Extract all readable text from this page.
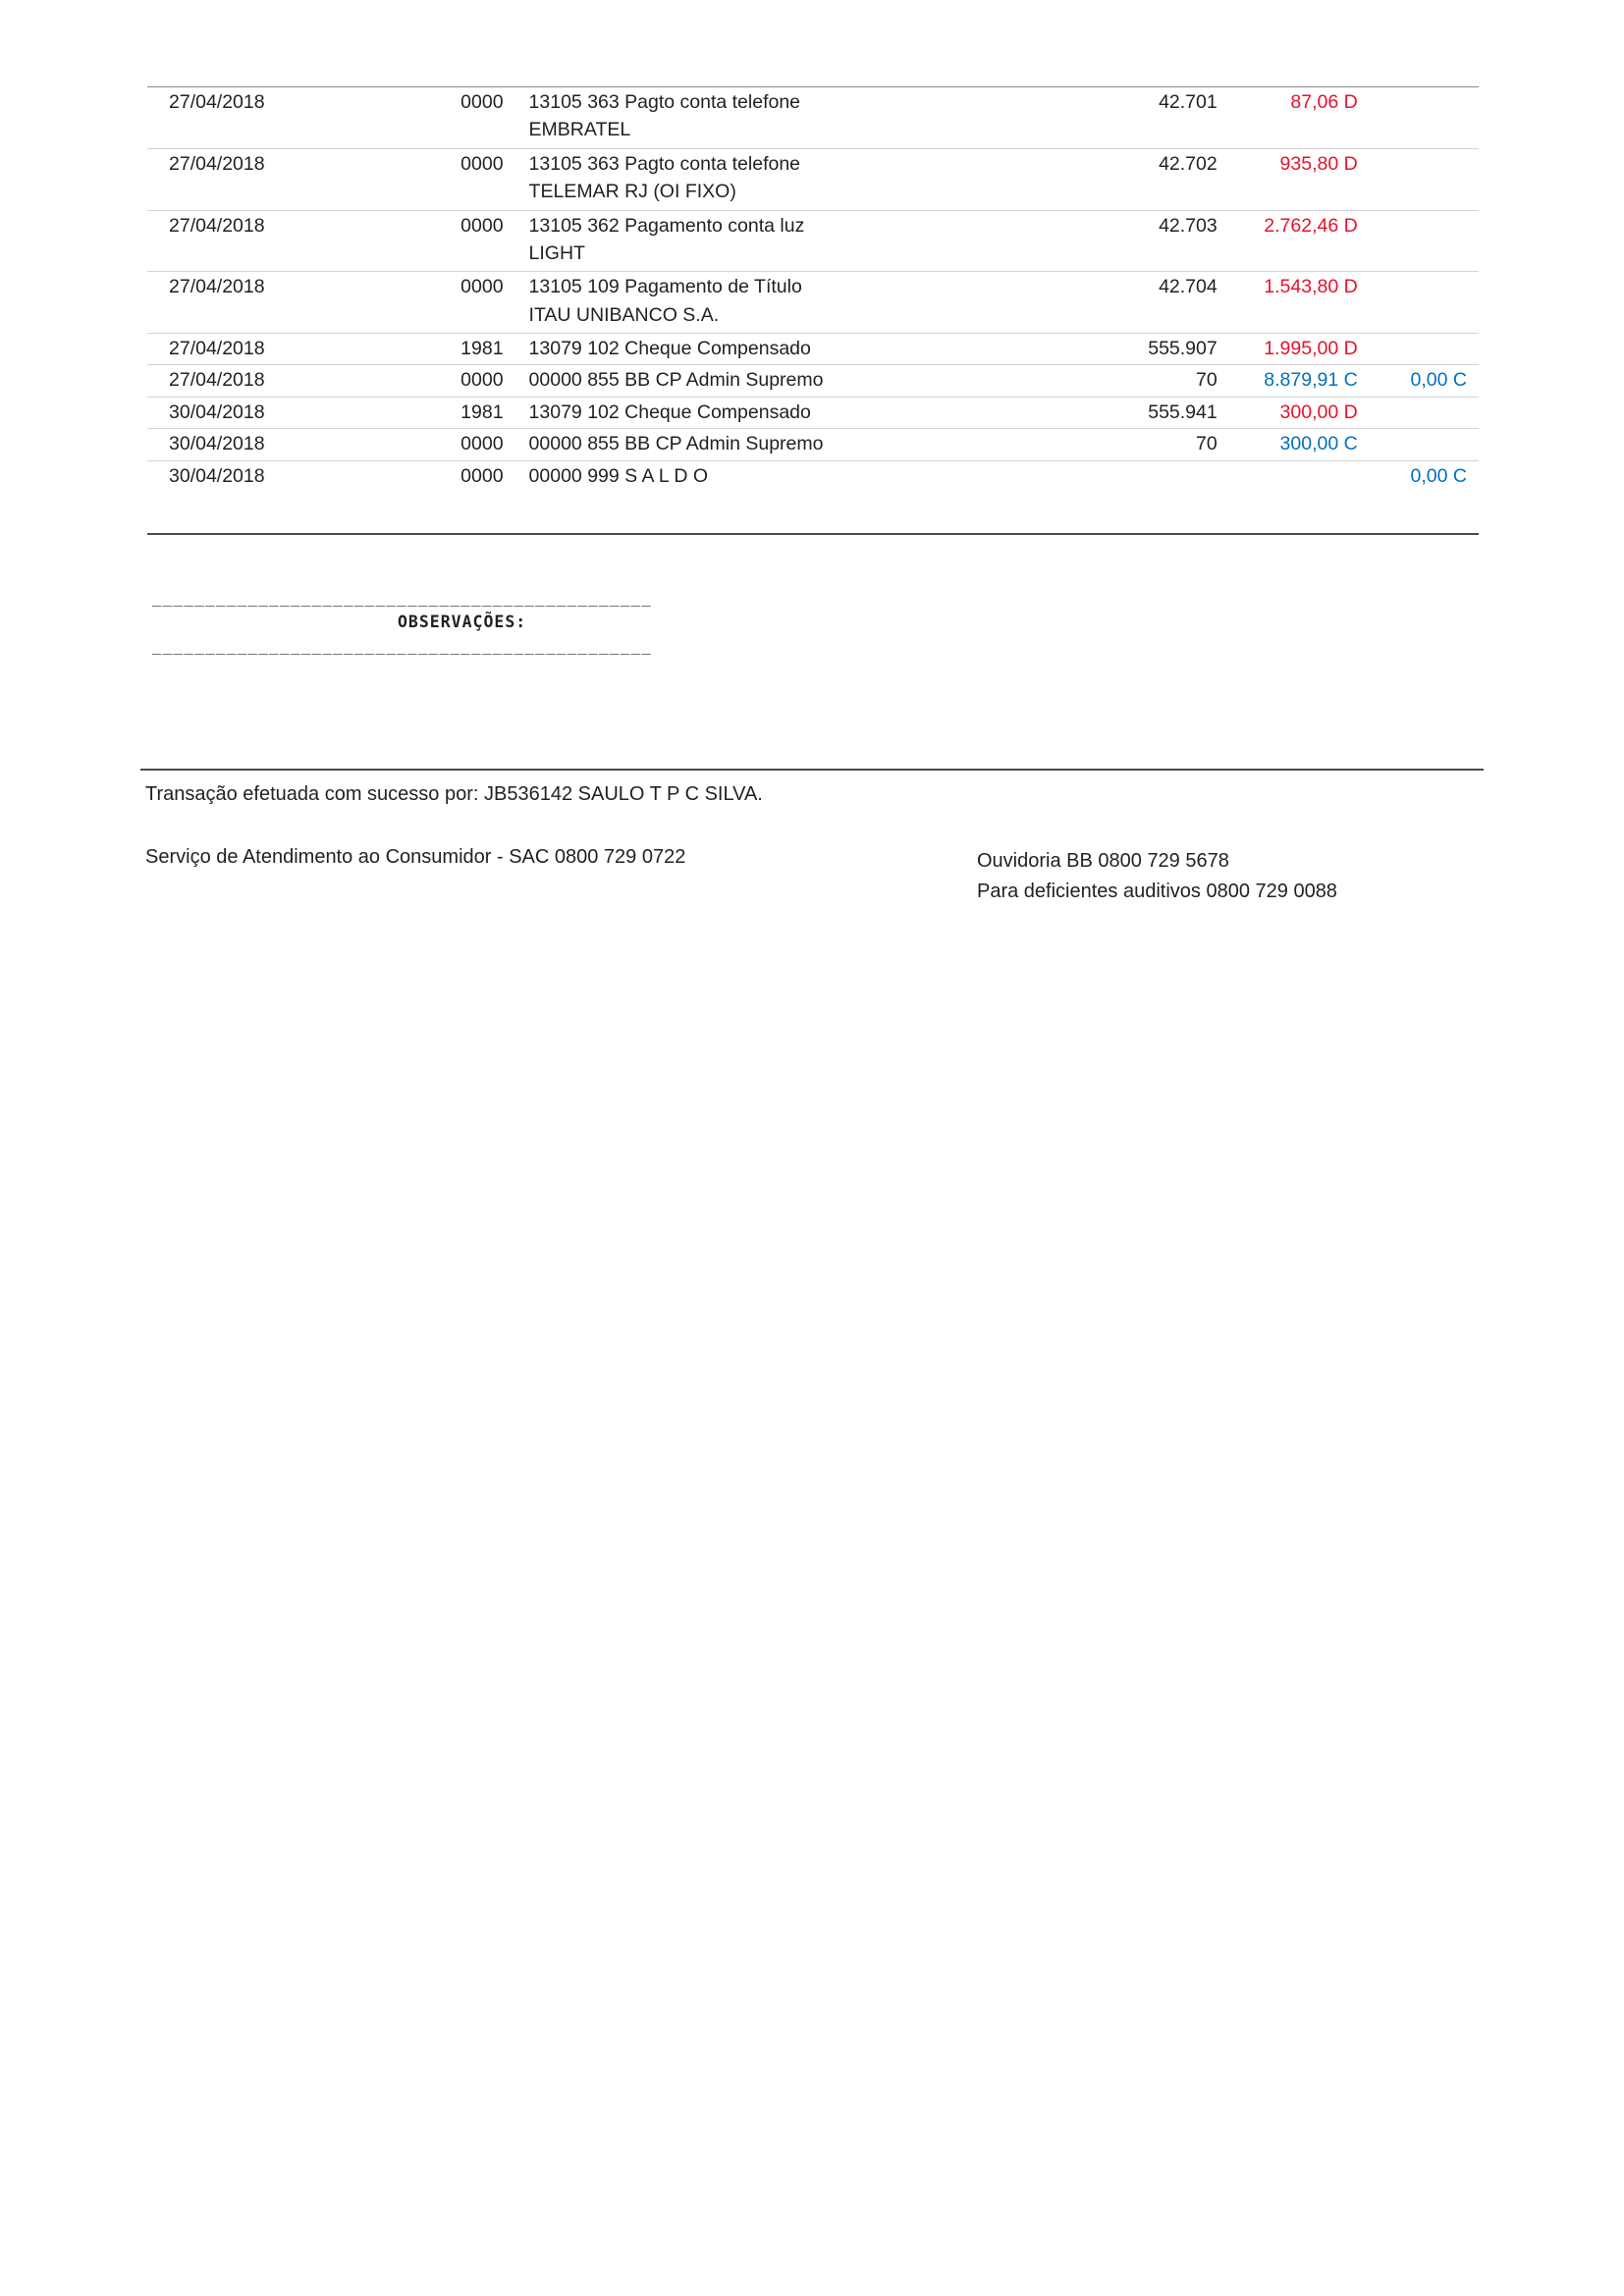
27/04/2018	0000	13105 363 Pagto conta telefone	42.701	87,06 D	
		EMBRATEL			
27/04/2018	0000	13105 363 Pagto conta telefone	42.702	935,80 D	
		TELEMAR RJ (OI FIXO)			
27/04/2018	0000	13105 362 Pagamento conta luz	42.703	2.762,46 D	
		LIGHT			
27/04/2018	0000	13105 109 Pagamento de Título	42.704	1.543,80 D	
		ITAU UNIBANCO S.A.			
27/04/2018	1981	13079 102 Cheque Compensado	555.907	1.995,00 D	
27/04/2018	0000	00000 855 BB CP Admin Supremo	70	8.879,91 C	0,00 C
30/04/2018	1981	13079 102 Cheque Compensado	555.941	300,00 D	
30/04/2018	0000	00000 855 BB CP Admin Supremo	70	300,00 C	
30/04/2018	0000	00000 999 S A L D O			0,00 C
_______________________________________________
OBSERVAÇÕES:
_______________________________________________
Transação efetuada com sucesso por: JB536142 SAULO T P C SILVA.
Serviço de Atendimento ao Consumidor - SAC 0800 729 0722	Ouvidoria BB 0800 729 5678
Para deficientes auditivos 0800 729 0088
